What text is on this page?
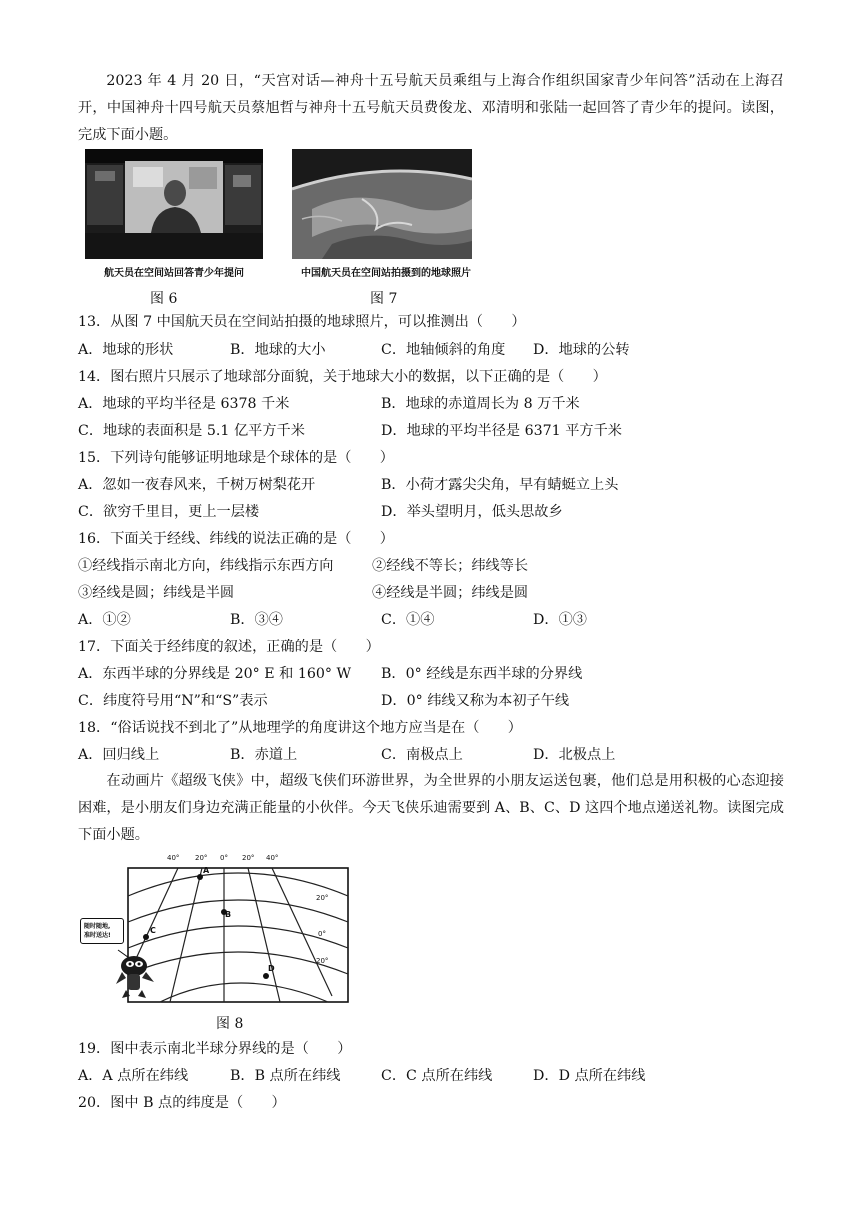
2023 年 4 月 20 日，“天宫对话—神舟十五号航天员乘组与上海合作组织国家青少年问答”活动在上海召开，中国神舟十四号航天员蔡旭哲与神舟十五号航天员费俊龙、邓清明和张陆一起回答了青少年的提问。读图，完成下面小题。

航天员在空间站回答青少年提问
图 6
中国航天员在空间站拍摄到的地球照片
图 7
13．从图 7 中国航天员在空间站拍摄的地球照片，可以推测出（　　）
A．地球的形状	B．地球的大小	C．地轴倾斜的角度 D．地球的公转
14．图右照片只展示了地球部分面貌，关于地球大小的数据，以下正确的是（　　）
A．地球的平均半径是 6378 千米	B．地球的赤道周长为 8 万千米
C．地球的表面积是 5.1 亿平方千米	D．地球的平均半径是 6371 平方千米
15．下列诗句能够证明地球是个球体的是（　　）
A．忽如一夜春风来，千树万树梨花开	B．小荷才露尖尖角，早有蜻蜓立上头
C．欲穷千里目，更上一层楼	D．举头望明月，低头思故乡
16．下面关于经线、纬线的说法正确的是（　　）
①经线指示南北方向，纬线指示东西方向	②经线不等长；纬线等长
③经线是圆；纬线是半圆	④经线是半圆；纬线是圆
A．①②	B．③④	C．①④	D．①③
17．下面关于经纬度的叙述，正确的是（　　）
A．东西半球的分界线是 20° E 和 160° W B．0° 经线是东西半球的分界线
C．纬度符号用“N”和“S”表示	D．0° 纬线又称为本初子午线
18．“俗话说找不到北了”从地理学的角度讲这个地方应当是在（　　）
A．回归线上	B．赤道上	C．南极点上	D．北极点上

在动画片《超级飞侠》中，超级飞侠们环游世界，为全世界的小朋友运送包裹，他们总是用积极的心态迎接困难，是小朋友们身边充满正能量的小伙伴。今天飞侠乐迪需要到 A、B、C、D 这四个地点递送礼物。读图完成下面小题。

40° 20° 0° 20° 40°
20°
0°
20°
A
B
C
D
随时随地,
准时送达!
图 8
19．图中表示南北半球分界线的是（　　）
A．A 点所在纬线	B．B 点所在纬线	C．C 点所在纬线	D．D 点所在纬线
20．图中 B 点的纬度是（　　）
